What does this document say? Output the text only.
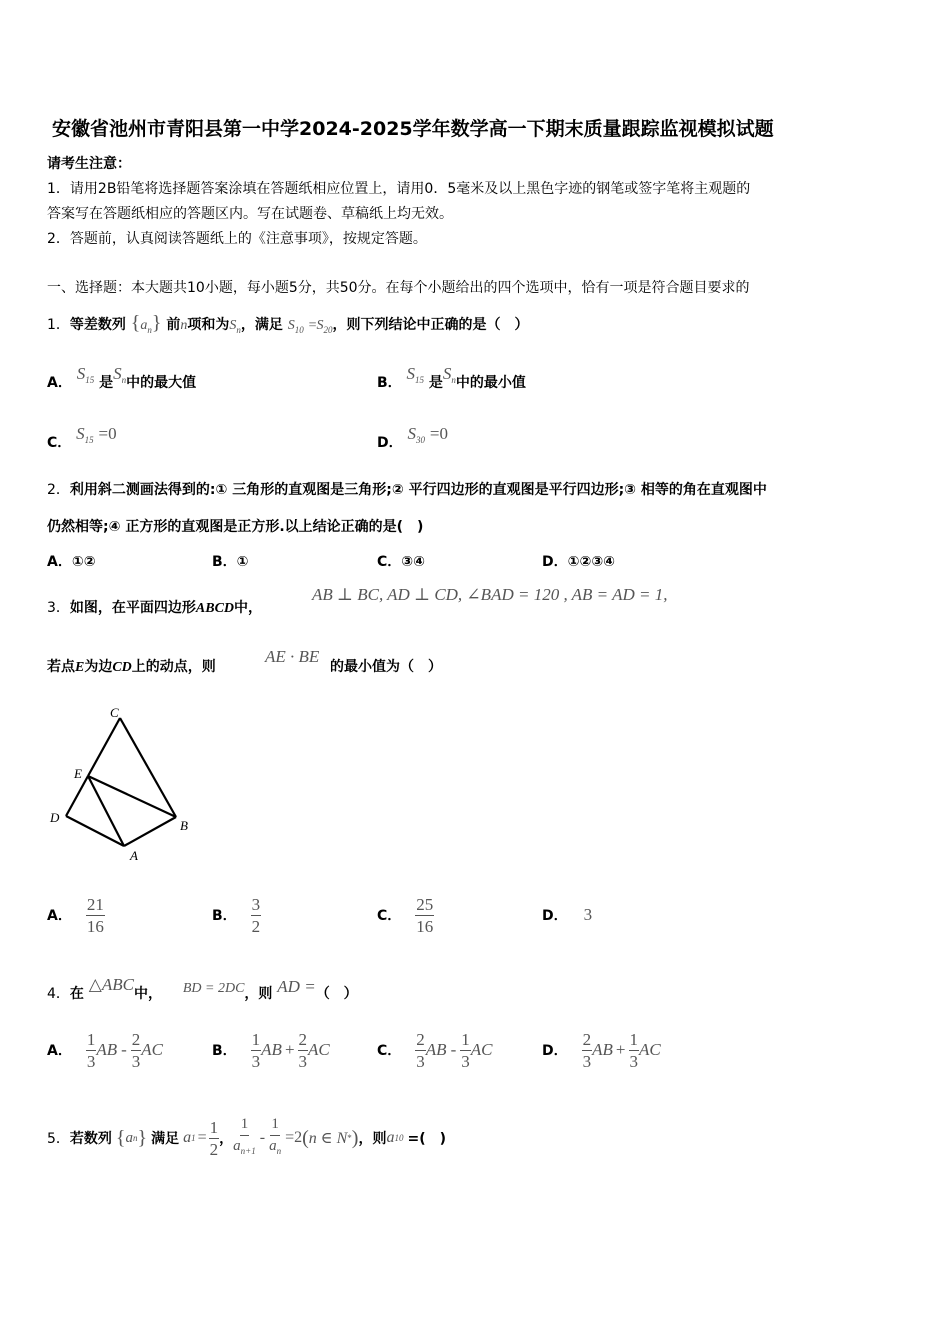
安徽省池州市青阳县第一中学2024-2025学年数学高一下期末质量跟踪监视模拟试题
请考生注意：
1．请用2B铅笔将选择题答案涂填在答题纸相应位置上，请用0．5毫米及以上黑色字迹的钢笔或签字笔将主观题的
答案写在答题纸相应的答题区内。写在试题卷、草稿纸上均无效。
2．答题前，认真阅读答题纸上的《注意事项》，按规定答题。
一、选择题：本大题共10小题，每小题5分，共50分。在每个小题给出的四个选项中，恰有一项是符合题目要求的
1．等差数列 $\{a_n\}$ 前n项和为$S_n$，满足 $S_{10} =S_{20}$，则下列结论中正确的是（　）
A． $S_{15}$ 是$S_n$中的最大值	B． $S_{15}$ 是$S_n$中的最小值
C． $S_{15} =0$	D． $S_{30} =0$
2．利用斜二测画法得到的:① 三角形的直观图是三角形;② 平行四边形的直观图是平行四边形;③ 相等的角在直观图中
仍然相等;④ 正方形的直观图是正方形.以上结论正确的是(　)
A．①②	B．①	C．③④	D．①②③④
3．如图，在平面四边形ABCD中，
AB ⊥ BC, AD ⊥ CD, ∠BAD = 120 , AB = AD = 1,
若点E为边CD上的动点，则
AE · BE
的最小值为（　）
C
E
D
B
A
A． $\frac{21}{16}$	B． $\frac{3}{2}$	C． $\frac{25}{16}$	D． 3
4．在 △ABC中， BD = 2DC，则 AD =（　）
A． $\frac{1}{3}$ AB - $\frac{2}{3}$ AC	B． $\frac{1}{3}$ AB + $\frac{2}{3}$ AC	C． $\frac{2}{3}$ AB - $\frac{1}{3}$ AC	D． $\frac{2}{3}$ AB + $\frac{1}{3}$ AC
5． 若数列 { a n } 满足 a $1 = \frac{1}{2}$ ， $\frac{1}{a_{n+1}} - \frac{1}{a_n} =2$ ( n ∈ N * ) ，则 a 10 =(　)
